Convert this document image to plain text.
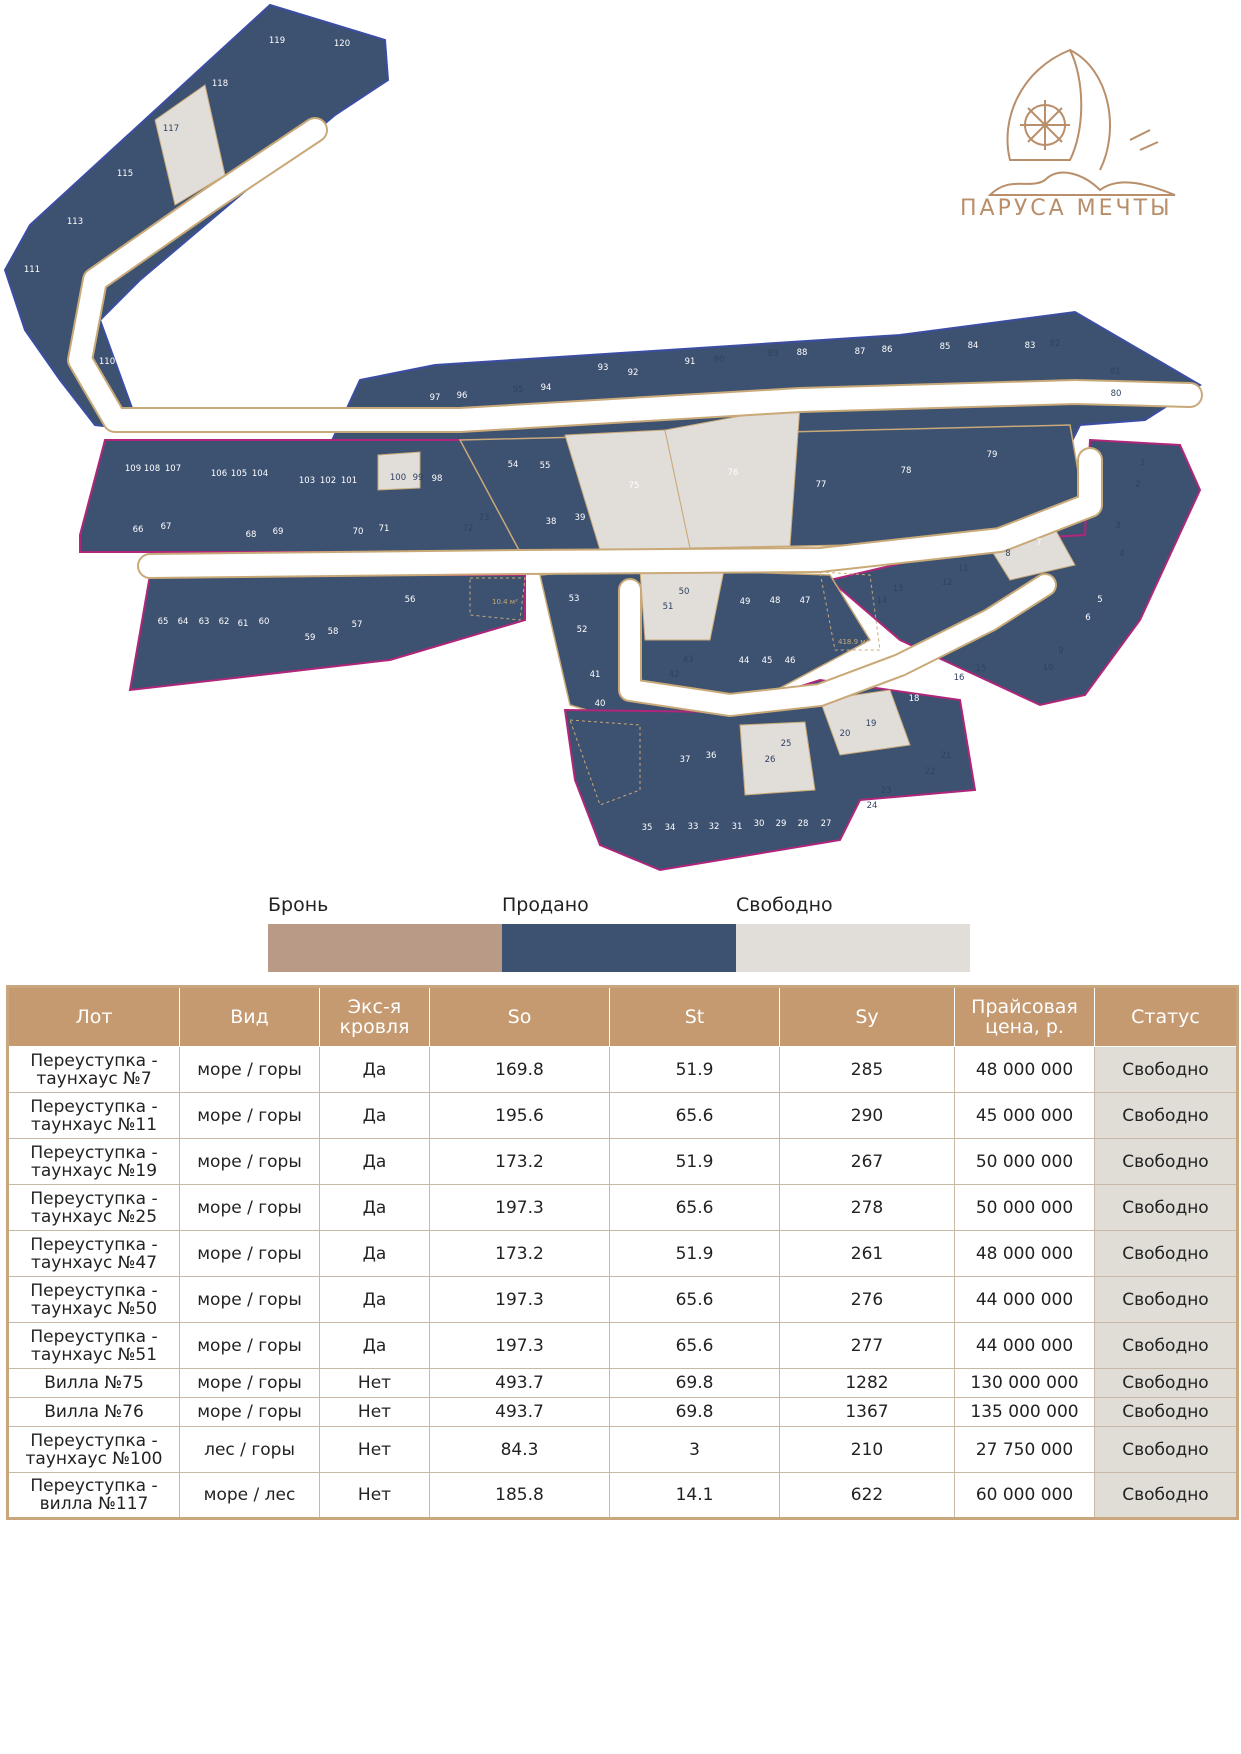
1
2
3
4
5
6
7
8
9
10
11
12
13
14
15
16
17
18
19
20
21
22
23
24
25
26
27
28
29
30
31
32
33
34
35
36
37
38 39
40
41	42
43	44 45 46
47
48
49
50
51
52
53
54 55
56
57
58
59
60
61
62
63
64
65
66 67
68 69	70 71	72
73
75
76
77
78
79
80
81
82
83
84
85
86
87
88
89
90
91
92
93
94
95
96
97
98
99
100
101
102
103
104
105
106
107
108
109
110
111
112
113
114
115
116
117
118
119	120
10.4 м²
418.9 м²
ПАРУСА МЕЧТЫ
Бронь	Продано	Свободно
Лот	Вид	Экс-я кровля	So	St	Sy	Прайсовая цена, р.	Статус
Переуступка - таунхаус №7	море / горы	Да	169.8	51.9	285	48 000 000	Свободно
Переуступка - таунхаус №11	море / горы	Да	195.6	65.6	290	45 000 000	Свободно
Переуступка - таунхаус №19	море / горы	Да	173.2	51.9	267	50 000 000	Свободно
Переуступка - таунхаус №25	море / горы	Да	197.3	65.6	278	50 000 000	Свободно
Переуступка - таунхаус №47	море / горы	Да	173.2	51.9	261	48 000 000	Свободно
Переуступка - таунхаус №50	море / горы	Да	197.3	65.6	276	44 000 000	Свободно
Переуступка - таунхаус №51	море / горы	Да	197.3	65.6	277	44 000 000	Свободно
Вилла №75	море / горы	Нет	493.7	69.8	1282	130 000 000	Свободно
Вилла №76	море / горы	Нет	493.7	69.8	1367	135 000 000	Свободно
Переуступка - таунхаус №100	лес / горы	Нет	84.3	3	210	27 750 000	Свободно
Переуступка - вилла №117	море / лес	Нет	185.8	14.1	622	60 000 000	Свободно
